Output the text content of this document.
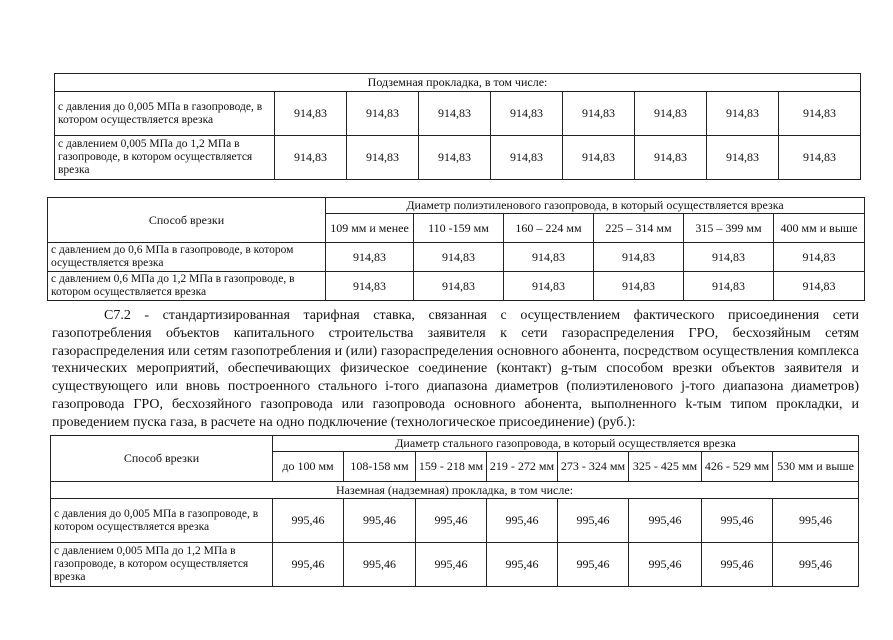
Подземная прокладка, в том числе:								
с давления до 0,005 МПа в газопроводе, в котором осуществляется врезка	914,83	914,83	914,83	914,83	914,83	914,83	914,83	914,83
с давлением 0,005 МПа до 1,2 МПа в газопроводе, в котором осуществляется врезка	914,83	914,83	914,83	914,83	914,83	914,83	914,83	914,83
Способ врезки	Диаметр полиэтиленового газопровода, в который осуществляется врезка					
	109 мм и менее	110 -159 мм	160 – 224 мм	225 – 314 мм	315 – 399 мм	400 мм и выше
с давлением до 0,6 МПа в газопроводе, в котором осуществляется врезка	914,83	914,83	914,83	914,83	914,83	914,83
с давлением 0,6 МПа до 1,2 МПа в газопроводе, в котором осуществляется врезка	914,83	914,83	914,83	914,83	914,83	914,83

С7.2 - стандартизированная тарифная ставка, связанная с осуществлением фактического присоединения сети газопотребления объектов капитального строительства заявителя к сети газораспределения ГРО, бесхозяйным сетям газораспределения или сетям газопотребления и (или) газораспределения основного абонента, посредством осуществления комплекса технических мероприятий, обеспечивающих физическое соединение (контакт) g-тым способом врезки объектов заявителя и существующего или вновь построенного стального i-того диапазона диаметров (полиэтиленового j-того диапазона диаметров) газопровода ГРО, бесхозяйного газопровода или газопровода основного абонента, выполненного k-тым типом прокладки, и проведением пуска газа, в расчете на одно подключение (технологическое присоединение) (руб.):

Способ врезки	Диаметр стального газопровода, в который осуществляется врезка							
	до 100 мм	108-158 мм	159 - 218 мм	219 - 272 мм	273 - 324 мм	325 - 425 мм	426 - 529 мм	530 мм и выше
Наземная (надземная) прокладка, в том числе:								
с давления до 0,005 МПа в газопроводе, в котором осуществляется врезка	995,46	995,46	995,46	995,46	995,46	995,46	995,46	995,46
с давлением 0,005 МПа до 1,2 МПа в газопроводе, в котором осуществляется врезка	995,46	995,46	995,46	995,46	995,46	995,46	995,46	995,46
